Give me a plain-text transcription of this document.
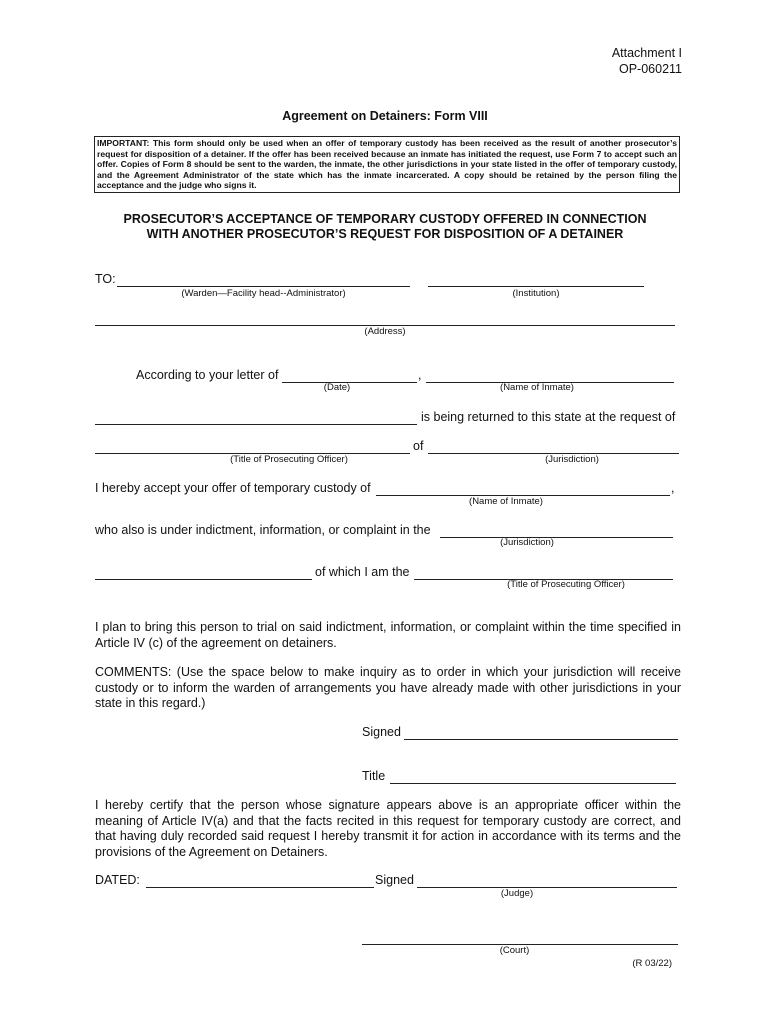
Attachment I
OP-060211
Agreement on Detainers: Form VIII
IMPORTANT: This form should only be used when an offer of temporary custody has been received as the result of another prosecutor’s request for disposition of a detainer. If the offer has been received because an inmate has initiated the request, use Form 7 to accept such an offer. Copies of Form 8 should be sent to the warden, the inmate, the other jurisdictions in your state listed in the offer of temporary custody, and the Agreement Administrator of the state which has the inmate incarcerated. A copy should be retained by the person filing the acceptance and the judge who signs it.
PROSECUTOR’S ACCEPTANCE OF TEMPORARY CUSTODY OFFERED IN CONNECTION
WITH ANOTHER PROSECUTOR’S REQUEST FOR DISPOSITION OF A DETAINER
TO:
(Warden—Facility head--Administrator)	(Institution)
(Address)
According to your letter of	,
(Date)	(Name of Inmate)
is being returned to this state at the request of
of
(Title of Prosecuting Officer)	(Jurisdiction)
I hereby accept your offer of temporary custody of	,
(Name of Inmate)
who also is under indictment, information, or complaint in the
(Jurisdiction)
of which I am the
(Title of Prosecuting Officer)
I plan to bring this person to trial on said indictment, information, or complaint within the time specified in Article IV (c) of the agreement on detainers.
COMMENTS: (Use the space below to make inquiry as to order in which your jurisdiction will receive custody or to inform the warden of arrangements you have already made with other jurisdictions in your state in this regard.)
Signed
Title
I hereby certify that the person whose signature appears above is an appropriate officer within the meaning of Article IV(a) and that the facts recited in this request for temporary custody are correct, and that having duly recorded said request I hereby transmit it for action in accordance with its terms and the provisions of the Agreement on Detainers.
DATED:	Signed
(Judge)
(Court)
(R 03/22)
